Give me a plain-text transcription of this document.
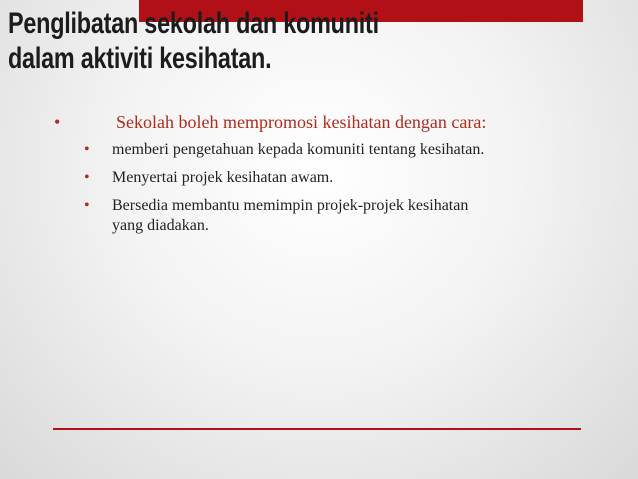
Penglibatan sekolah dan komuniti
dalam aktiviti kesihatan.
•	Sekolah boleh mempromosi kesihatan dengan cara:
•	memberi pengetahuan kepada komuniti tentang kesihatan.
•	Menyertai projek kesihatan awam.
•	Bersedia membantu memimpin projek-projek kesihatan yang diadakan.
